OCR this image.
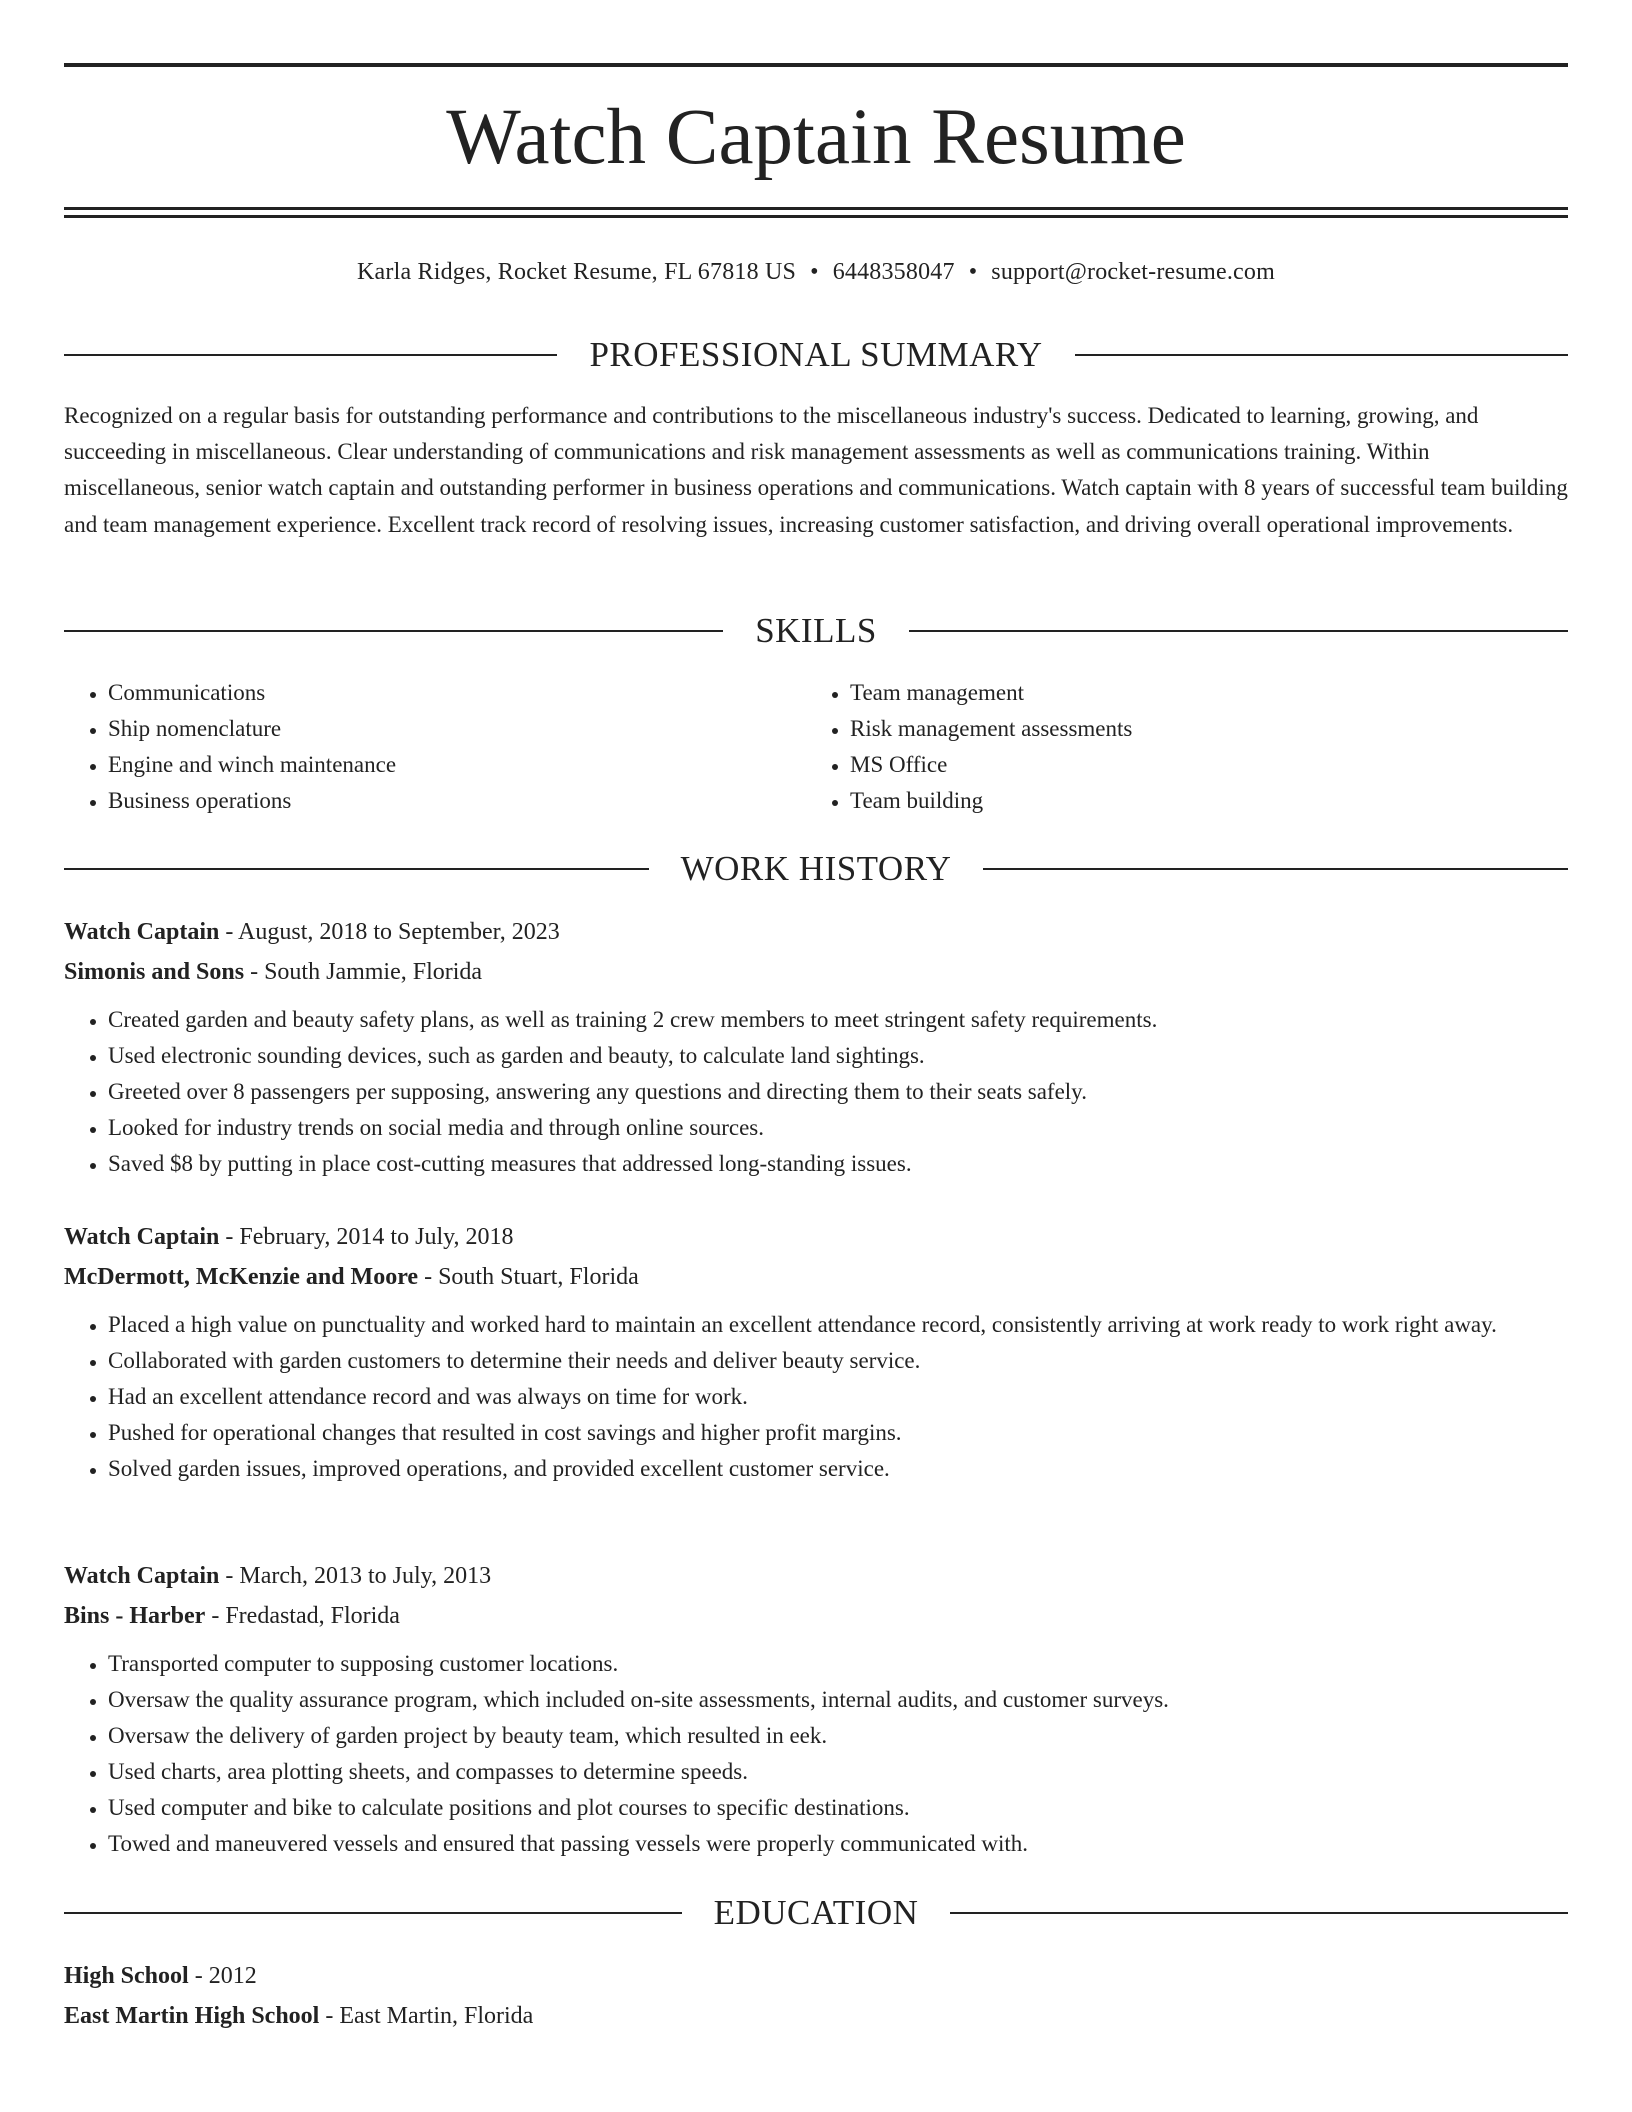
Watch Captain Resume
Karla Ridges, Rocket Resume, FL 67818 US • 6448358047 • support@rocket-resume.com
PROFESSIONAL SUMMARY

Recognized on a regular basis for outstanding performance and contributions to the miscellaneous industry's success. Dedicated to learning, growing, and succeeding in miscellaneous. Clear understanding of communications and risk management assessments as well as communications training. Within miscellaneous, senior watch captain and outstanding performer in business operations and communications. Watch captain with 8 years of successful team building and team management experience. Excellent track record of resolving issues, increasing customer satisfaction, and driving overall operational improvements.

SKILLS
• Communications
• Ship nomenclature
• Engine and winch maintenance
• Business operations
• Team management
• Risk management assessments
• MS Office
• Team building
WORK HISTORY

Watch Captain - August, 2018 to September, 2023

Simonis and Sons - South Jammie, Florida

• Created garden and beauty safety plans, as well as training 2 crew members to meet stringent safety requirements.
• Used electronic sounding devices, such as garden and beauty, to calculate land sightings.
• Greeted over 8 passengers per supposing, answering any questions and directing them to their seats safely.
• Looked for industry trends on social media and through online sources.
• Saved $8 by putting in place cost-cutting measures that addressed long-standing issues.

Watch Captain - February, 2014 to July, 2018

McDermott, McKenzie and Moore - South Stuart, Florida

• Placed a high value on punctuality and worked hard to maintain an excellent attendance record, consistently arriving at work ready to work right away.
• Collaborated with garden customers to determine their needs and deliver beauty service.
• Had an excellent attendance record and was always on time for work.
• Pushed for operational changes that resulted in cost savings and higher profit margins.
• Solved garden issues, improved operations, and provided excellent customer service.

Watch Captain - March, 2013 to July, 2013

Bins - Harber - Fredastad, Florida

• Transported computer to supposing customer locations.
• Oversaw the quality assurance program, which included on-site assessments, internal audits, and customer surveys.
• Oversaw the delivery of garden project by beauty team, which resulted in eek.
• Used charts, area plotting sheets, and compasses to determine speeds.
• Used computer and bike to calculate positions and plot courses to specific destinations.
• Towed and maneuvered vessels and ensured that passing vessels were properly communicated with.
EDUCATION

High School - 2012

East Martin High School - East Martin, Florida
